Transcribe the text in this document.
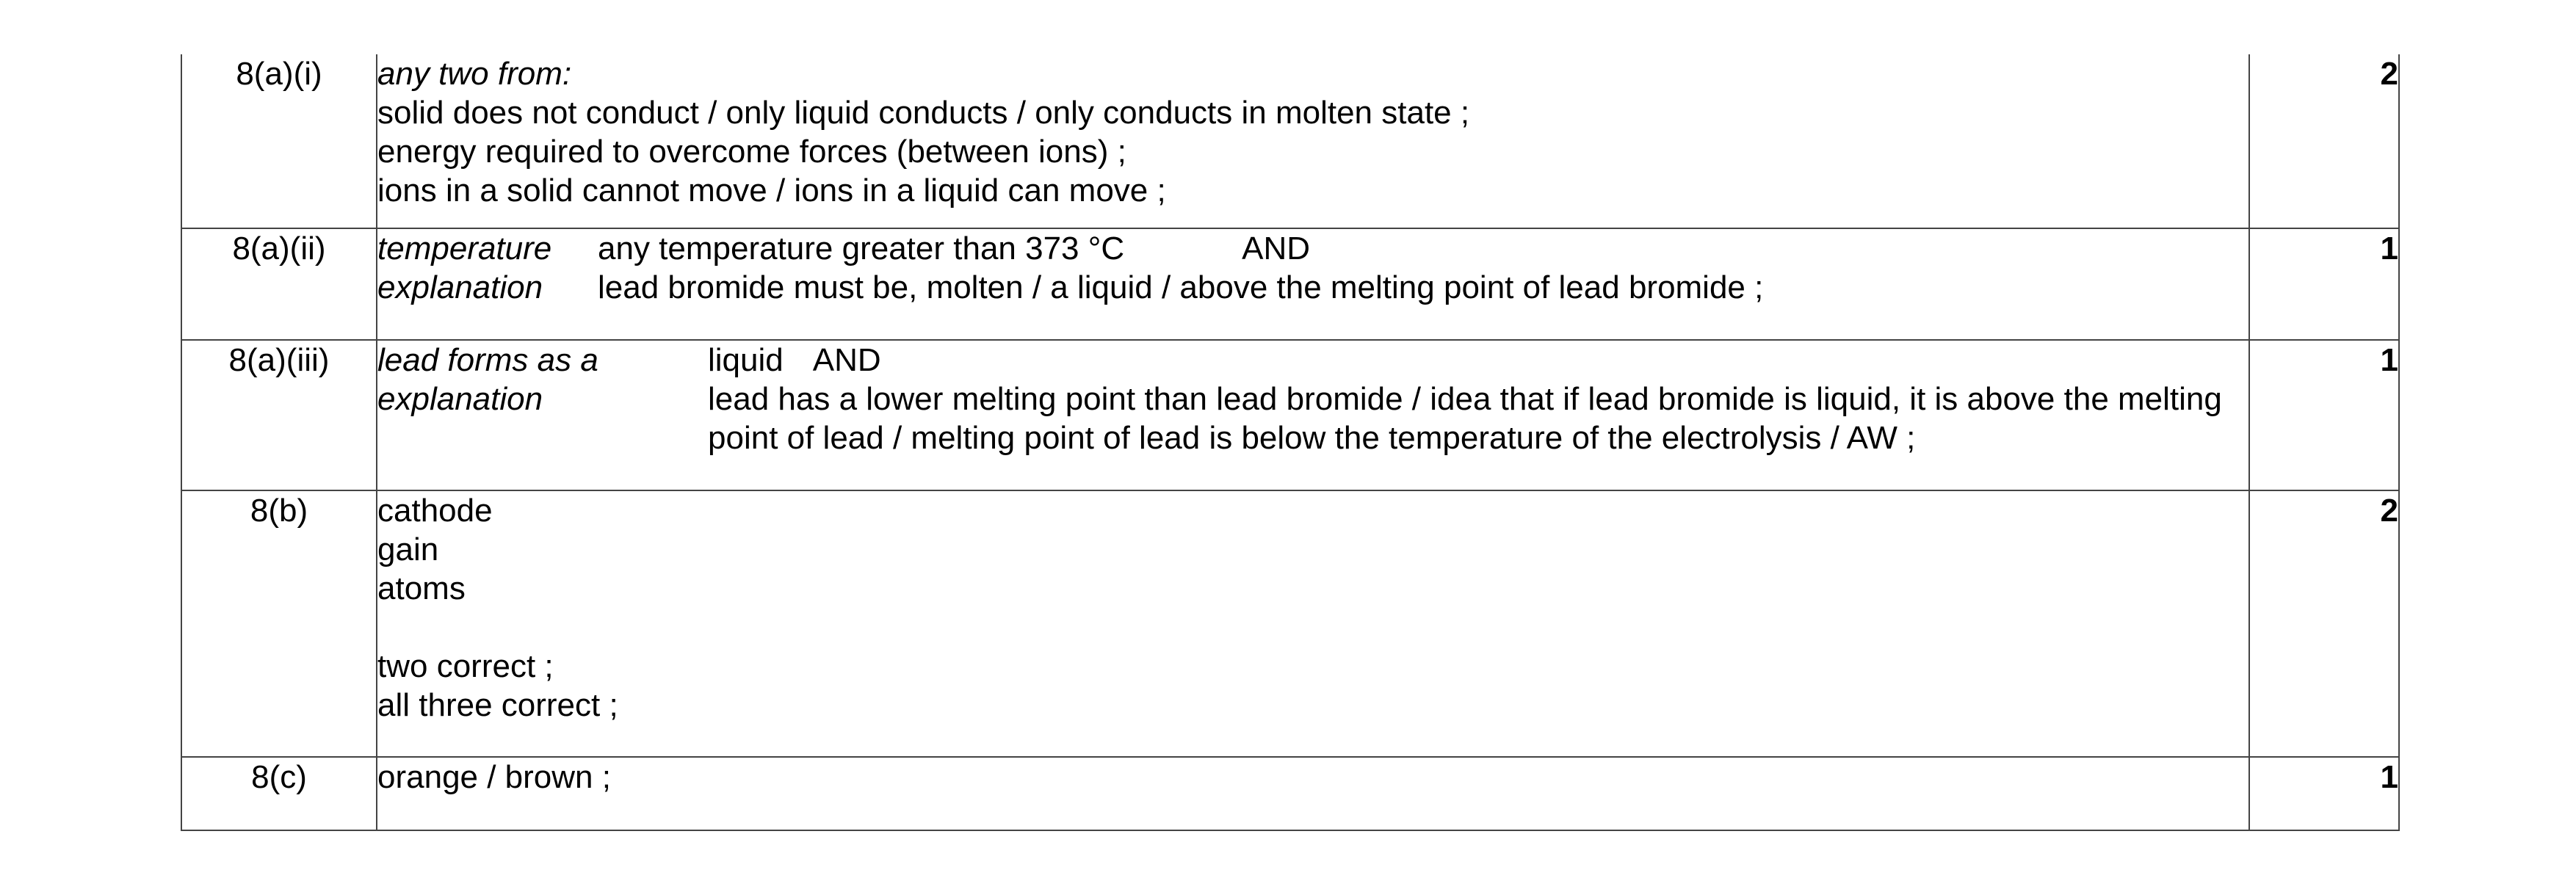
8(a)(i)	any two from:
solid does not conduct / only liquid conducts / only conducts in molten state ;
energy required to overcome forces (between ions) ;
ions in a solid cannot move / ions in a liquid can move ;	2
8(a)(ii)	temperature any temperature greater than 373 °C AND
explanation lead bromide must be, molten / a liquid / above the melting point of lead bromide ;	1
8(a)(iii)	lead forms as a liquid AND
explanation lead has a lower melting point than lead bromide / idea that if lead bromide is liquid, it is above the melting point of lead / melting point of lead is below the temperature of the electrolysis / AW ;	1
8(b)	cathode
gain
atoms
two correct ;
all three correct ;	2
8(c)	orange / brown ;	1
